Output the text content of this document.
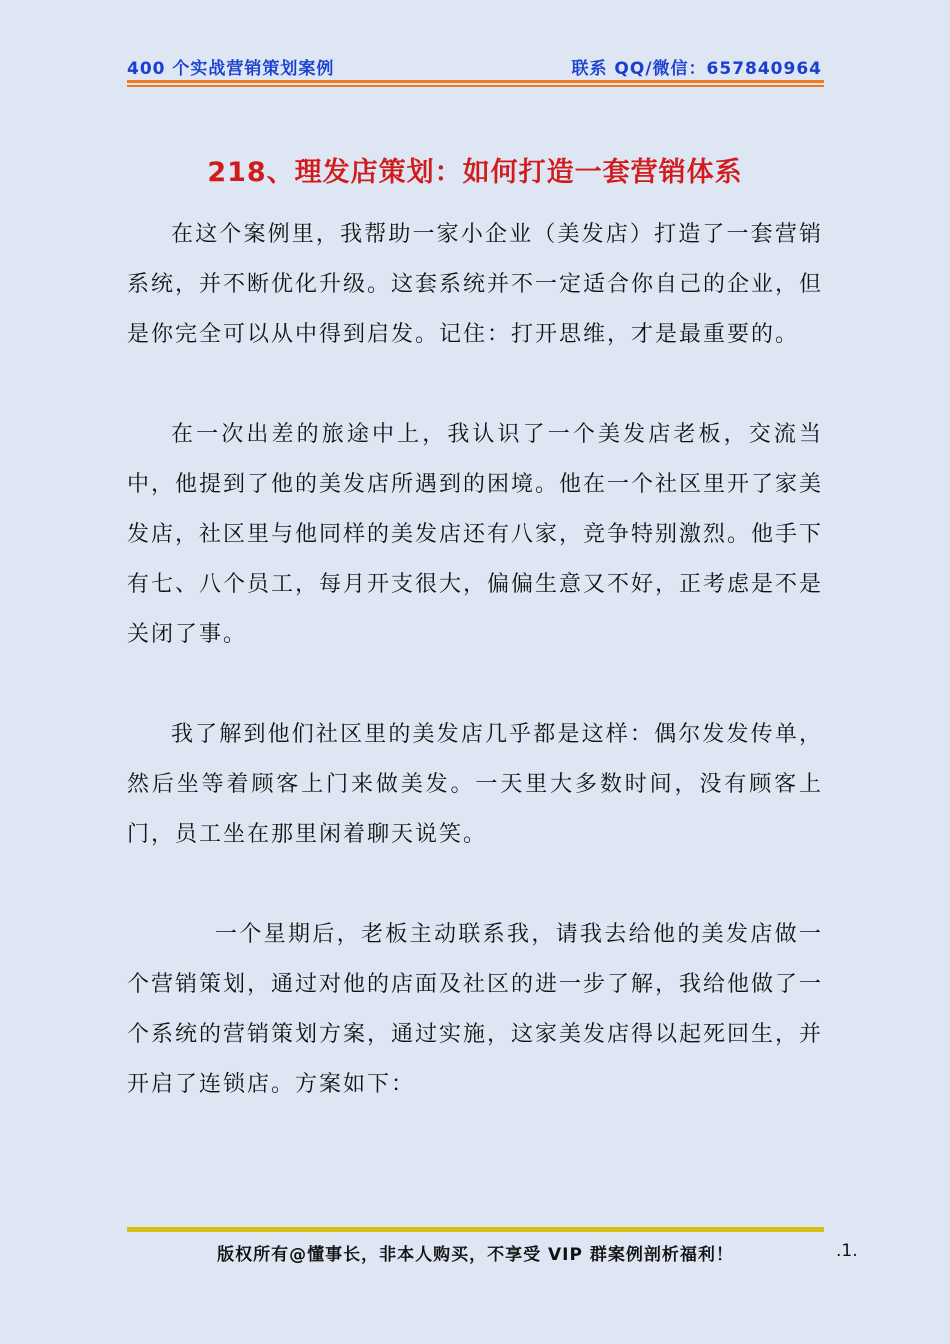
400 个实战营销策划案例	联系 QQ/微信：657840964
218、理发店策划：如何打造一套营销体系

在这个案例里，我帮助一家小企业（美发店）打造了一套营销系统，并不断优化升级。这套系统并不一定适合你自己的企业，但是你完全可以从中得到启发。记住：打开思维，才是最重要的。

在一次出差的旅途中上，我认识了一个美发店老板，交流当中，他提到了他的美发店所遇到的困境。他在一个社区里开了家美发店，社区里与他同样的美发店还有八家，竞争特别激烈。他手下有七、八个员工，每月开支很大，偏偏生意又不好，正考虑是不是关闭了事。

我了解到他们社区里的美发店几乎都是这样：偶尔发发传单，然后坐等着顾客上门来做美发。一天里大多数时间，没有顾客上门，员工坐在那里闲着聊天说笑。

一个星期后，老板主动联系我，请我去给他的美发店做一个营销策划，通过对他的店面及社区的进一步了解，我给他做了一个系统的营销策划方案，通过实施，这家美发店得以起死回生，并开启了连锁店。方案如下：

版权所有@懂事长，非本人购买，不享受 VIP 群案例剖析福利！	.1.
